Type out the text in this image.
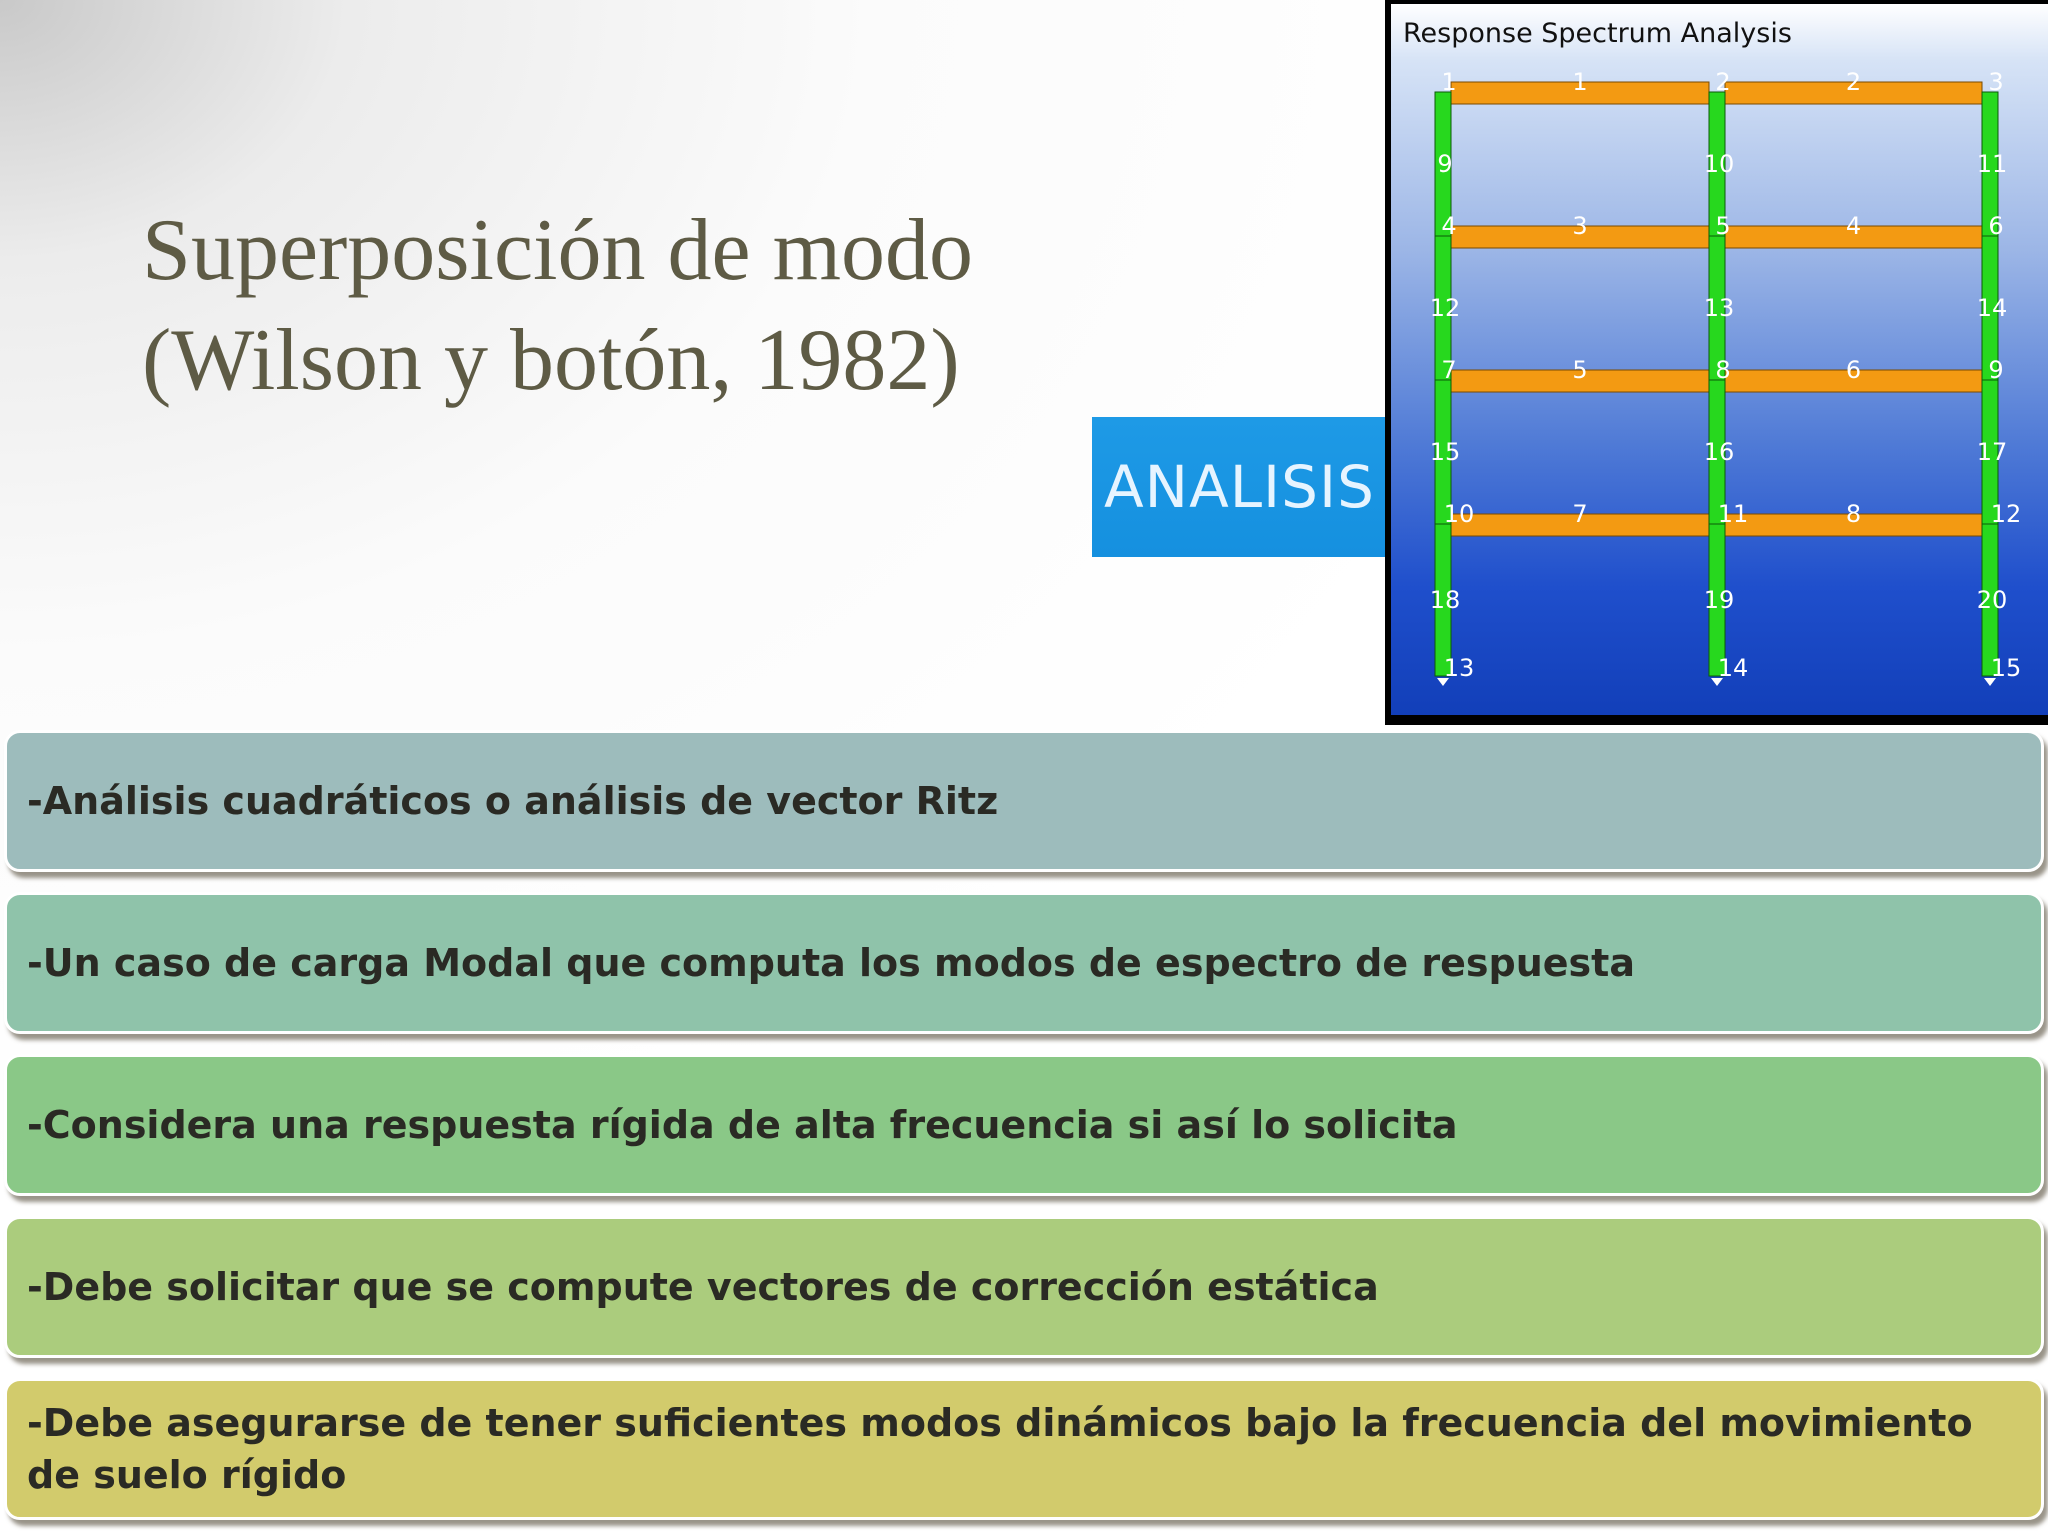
Superposición de modo
(Wilson y botón, 1982)
ANALISIS
1	2
3	4
5	6
7	8
9	10	11
12	13	14
15	16	17
18	19	20
1	2	3
4	5	6
7	8	9
10	11	12
13	14	15
Response Spectrum Analysis
-Análisis cuadráticos o análisis de vector Ritz
-Un caso de carga Modal que computa los modos de espectro de respuesta
-Considera una respuesta rígida de alta frecuencia si así lo solicita
-Debe solicitar que se compute vectores de corrección estática
-Debe asegurarse de tener suficientes modos dinámicos bajo la frecuencia del movimiento de suelo rígido
